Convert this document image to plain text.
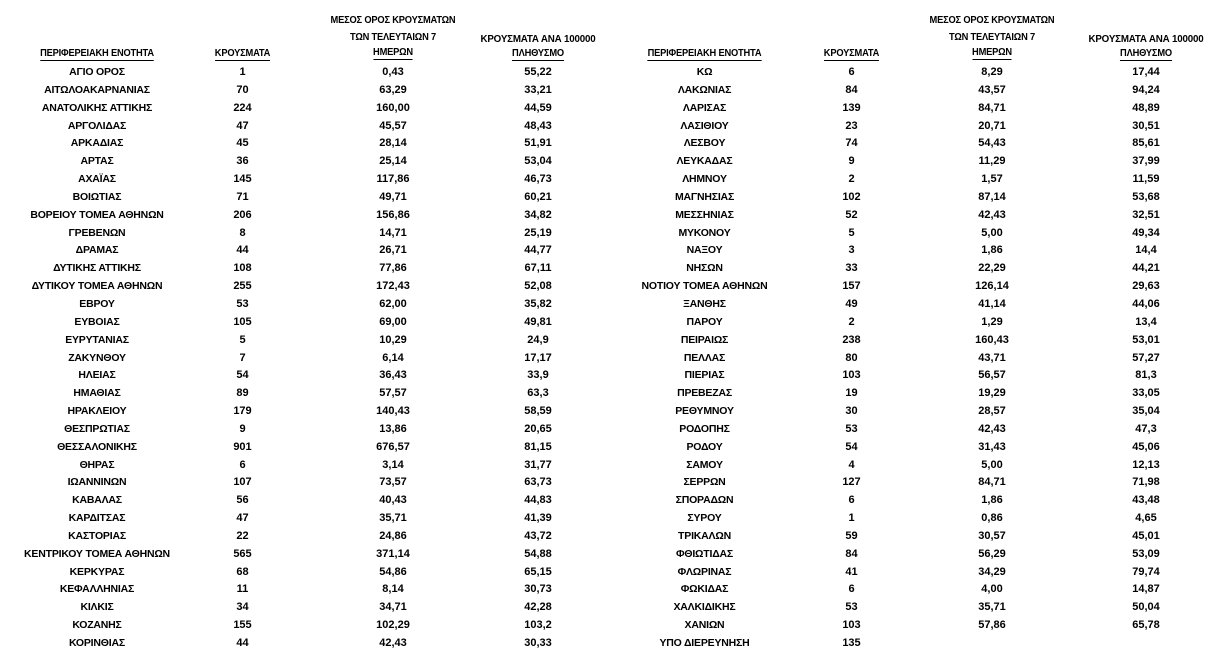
ΠΕΡΙΦΕΡΕΙΑΚΗ ΕΝΟΤΗΤΑ	ΚΡΟΥΣΜΑΤΑ
ΜΕΣΟΣ ΟΡΟΣ ΚΡΟΥΣΜΑΤΩΝ
ΤΩΝ ΤΕΛΕΥΤΑΙΩΝ 7
ΗΜΕΡΩΝ
ΚΡΟΥΣΜΑΤΑ ΑΝΑ 100000
ΠΛΗΘΥΣΜΟ
ΑΓΙΟ ΟΡΟΣ	1	0,43	55,22
ΑΙΤΩΛΟΑΚΑΡΝΑΝΙΑΣ	70	63,29	33,21
ΑΝΑΤΟΛΙΚΗΣ ΑΤΤΙΚΗΣ	224	160,00	44,59
ΑΡΓΟΛΙΔΑΣ	47	45,57	48,43
ΑΡΚΑΔΙΑΣ	45	28,14	51,91
ΑΡΤΑΣ	36	25,14	53,04
ΑΧΑΪΑΣ	145	117,86	46,73
ΒΟΙΩΤΙΑΣ	71	49,71	60,21
ΒΟΡΕΙΟΥ ΤΟΜΕΑ ΑΘΗΝΩΝ	206	156,86	34,82
ΓΡΕΒΕΝΩΝ	8	14,71	25,19
ΔΡΑΜΑΣ	44	26,71	44,77
ΔΥΤΙΚΗΣ ΑΤΤΙΚΗΣ	108	77,86	67,11
ΔΥΤΙΚΟΥ ΤΟΜΕΑ ΑΘΗΝΩΝ	255	172,43	52,08
ΕΒΡΟΥ	53	62,00	35,82
ΕΥΒΟΙΑΣ	105	69,00	49,81
ΕΥΡΥΤΑΝΙΑΣ	5	10,29	24,9
ΖΑΚΥΝΘΟΥ	7	6,14	17,17
ΗΛΕΙΑΣ	54	36,43	33,9
ΗΜΑΘΙΑΣ	89	57,57	63,3
ΗΡΑΚΛΕΙΟΥ	179	140,43	58,59
ΘΕΣΠΡΩΤΙΑΣ	9	13,86	20,65
ΘΕΣΣΑΛΟΝΙΚΗΣ	901	676,57	81,15
ΘΗΡΑΣ	6	3,14	31,77
ΙΩΑΝΝΙΝΩΝ	107	73,57	63,73
ΚΑΒΑΛΑΣ	56	40,43	44,83
ΚΑΡΔΙΤΣΑΣ	47	35,71	41,39
ΚΑΣΤΟΡΙΑΣ	22	24,86	43,72
ΚΕΝΤΡΙΚΟΥ ΤΟΜΕΑ ΑΘΗΝΩΝ	565	371,14	54,88
ΚΕΡΚΥΡΑΣ	68	54,86	65,15
ΚΕΦΑΛΛΗΝΙΑΣ	11	8,14	30,73
ΚΙΛΚΙΣ	34	34,71	42,28
ΚΟΖΑΝΗΣ	155	102,29	103,2
ΚΟΡΙΝΘΙΑΣ	44	42,43	30,33
ΠΕΡΙΦΕΡΕΙΑΚΗ ΕΝΟΤΗΤΑ	ΚΡΟΥΣΜΑΤΑ
ΜΕΣΟΣ ΟΡΟΣ ΚΡΟΥΣΜΑΤΩΝ
ΤΩΝ ΤΕΛΕΥΤΑΙΩΝ 7
ΗΜΕΡΩΝ
ΚΡΟΥΣΜΑΤΑ ΑΝΑ 100000
ΠΛΗΘΥΣΜΟ
ΚΩ	6	8,29	17,44
ΛΑΚΩΝΙΑΣ	84	43,57	94,24
ΛΑΡΙΣΑΣ	139	84,71	48,89
ΛΑΣΙΘΙΟΥ	23	20,71	30,51
ΛΕΣΒΟΥ	74	54,43	85,61
ΛΕΥΚΑΔΑΣ	9	11,29	37,99
ΛΗΜΝΟΥ	2	1,57	11,59
ΜΑΓΝΗΣΙΑΣ	102	87,14	53,68
ΜΕΣΣΗΝΙΑΣ	52	42,43	32,51
ΜΥΚΟΝΟΥ	5	5,00	49,34
ΝΑΞΟΥ	3	1,86	14,4
ΝΗΣΩΝ	33	22,29	44,21
ΝΟΤΙΟΥ ΤΟΜΕΑ ΑΘΗΝΩΝ	157	126,14	29,63
ΞΑΝΘΗΣ	49	41,14	44,06
ΠΑΡΟΥ	2	1,29	13,4
ΠΕΙΡΑΙΩΣ	238	160,43	53,01
ΠΕΛΛΑΣ	80	43,71	57,27
ΠΙΕΡΙΑΣ	103	56,57	81,3
ΠΡΕΒΕΖΑΣ	19	19,29	33,05
ΡΕΘΥΜΝΟΥ	30	28,57	35,04
ΡΟΔΟΠΗΣ	53	42,43	47,3
ΡΟΔΟΥ	54	31,43	45,06
ΣΑΜΟΥ	4	5,00	12,13
ΣΕΡΡΩΝ	127	84,71	71,98
ΣΠΟΡΑΔΩΝ	6	1,86	43,48
ΣΥΡΟΥ	1	0,86	4,65
ΤΡΙΚΑΛΩΝ	59	30,57	45,01
ΦΘΙΩΤΙΔΑΣ	84	56,29	53,09
ΦΛΩΡΙΝΑΣ	41	34,29	79,74
ΦΩΚΙΔΑΣ	6	4,00	14,87
ΧΑΛΚΙΔΙΚΗΣ	53	35,71	50,04
ΧΑΝΙΩΝ	103	57,86	65,78
ΥΠΟ ΔΙΕΡΕΥΝΗΣΗ	135
